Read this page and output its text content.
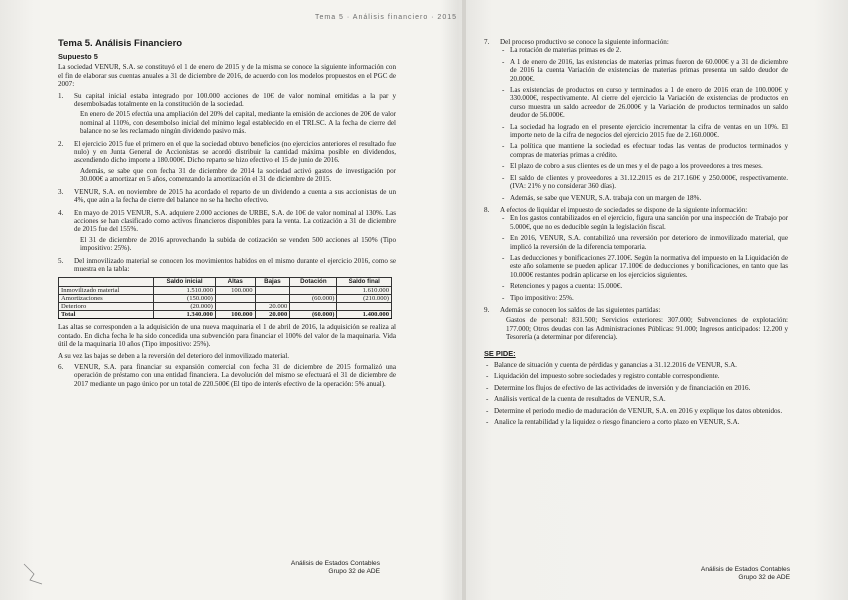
Tema 5 · Análisis financiero · 2015
Tema 5. Análisis Financiero
Supuesto 5

La sociedad VENUR, S.A. se constituyó el 1 de enero de 2015 y de la misma se conoce la siguiente información con el fin de elaborar sus cuentas anuales a 31 de diciembre de 2016, de acuerdo con los modelos propuestos en el PGC de 2007:

1.	Su capital inicial estaba integrado por 100.000 acciones de 10€ de valor nominal emitidas a la par y desembolsadas totalmente en la constitución de la sociedad.
En enero de 2015 efectúa una ampliación del 20% del capital, mediante la emisión de acciones de 20€ de valor nominal al 110%, con desembolso inicial del mínimo legal establecido en el TRLSC. A la fecha de cierre del balance no se les reclamado ningún dividendo pasivo más.
2.	El ejercicio 2015 fue el primero en el que la sociedad obtuvo beneficios (no ejercicios anteriores el resultado fue nulo) y en Junta General de Accionistas se acordó distribuir la cantidad máxima posible en dividendos, ascendiendo dicho importe a 180.000€. Dicho reparto se hizo efectivo el 15 de junio de 2016.
Además, se sabe que con fecha 31 de diciembre de 2014 la sociedad activó gastos de investigación por 30.000€ a amortizar en 5 años, comenzando la amortización el 31 de diciembre de 2015.
3.	VENUR, S.A. en noviembre de 2015 ha acordado el reparto de un dividendo a cuenta a sus accionistas de un 4%, que aún a la fecha de cierre del balance no se ha hecho efectivo.
4.	En mayo de 2015 VENUR, S.A. adquiere 2.000 acciones de URBE, S.A. de 10€ de valor nominal al 130%. Las acciones se han clasificado como activos financieros disponibles para la venta. La cotización a 31 de diciembre de 2015 fue del 155%.
El 31 de diciembre de 2016 aprovechando la subida de cotización se venden 500 acciones al 150% (Tipo impositivo: 25%).
5.	Del inmovilizado material se conocen los movimientos habidos en el mismo durante el ejercicio 2016, como se muestra en la tabla:
	Saldo inicial	Altas	Bajas	Dotación	Saldo final
Inmovilizado material	1.510.000	100.000			1.610.000
Amortizaciones	(150.000)			(60.000)	(210.000)
Deterioro	(20.000)		20.000		
Total	1.340.000	100.000	20.000	(60.000)	1.400.000

Las altas se corresponden a la adquisición de una nueva maquinaria el 1 de abril de 2016, la adquisición se realiza al contado. En dicha fecha le ha sido concedida una subvención para financiar el 100% del valor de la maquinaria. Vida útil de la maquinaria 10 años (Tipo impositivo: 25%).

A su vez las bajas se deben a la reversión del deterioro del inmovilizado material.

6.	VENUR, S.A. para financiar su expansión comercial con fecha 31 de diciembre de 2015 formalizó una operación de préstamo con una entidad financiera. La devolución del mismo se efectuará el 31 de diciembre de 2017 mediante un pago único por un total de 220.500€ (El tipo de interés efectivo de la operación: 5% anual).
Análisis de Estados Contables
Grupo 32 de ADE
7.	Del proceso productivo se conoce la siguiente información:
- La rotación de materias primas es de 2.
- A 1 de enero de 2016, las existencias de materias primas fueron de 60.000€ y a 31 de diciembre de 2016 la cuenta Variación de existencias de materias primas presenta un saldo deudor de 20.000€.
- Las existencias de productos en curso y terminados a 1 de enero de 2016 eran de 100.000€ y 330.000€, respectivamente. Al cierre del ejercicio la Variación de existencias de productos en curso muestra un saldo acreedor de 26.000€ y la Variación de productos terminados un saldo deudor de 56.000€.
- La sociedad ha logrado en el presente ejercicio incrementar la cifra de ventas en un 10%. El importe neto de la cifra de negocios del ejercicio 2015 fue de 2.160.000€.
- La política que mantiene la sociedad es efectuar todas las ventas de productos terminados y compras de materias primas a crédito.
- El plazo de cobro a sus clientes es de un mes y el de pago a los proveedores a tres meses.
- El saldo de clientes y proveedores a 31.12.2015 es de 217.160€ y 250.000€, respectivamente. (IVA: 21% y no considerar 360 días).
- Además, se sabe que VENUR, S.A. trabaja con un margen de 18%.
8.	A efectos de liquidar el impuesto de sociedades se dispone de la siguiente información:
- En los gastos contabilizados en el ejercicio, figura una sanción por una inspección de Trabajo por 5.000€, que no es deducible según la legislación fiscal.
- En 2016, VENUR, S.A. contabilizó una reversión por deterioro de inmovilizado material, que implicó la reversión de la diferencia temporaria.
- Las deducciones y bonificaciones 27.100€. Según la normativa del impuesto en la Liquidación de este año solamente se pueden aplicar 17.100€ de deducciones y bonificaciones, en tanto que las 10.000€ restantes podrán aplicarse en los ejercicios siguientes.
- Retenciones y pagos a cuenta: 15.000€.
- Tipo impositivo: 25%.
9.	Además se conocen los saldos de las siguientes partidas:
Gastos de personal: 831.500; Servicios exteriores: 307.000; Subvenciones de explotación: 177.000; Otros deudas con las Administraciones Públicas: 91.000; Ingresos anticipados: 12.200 y Tesorería (a determinar por diferencia).
SE PIDE:
- Balance de situación y cuenta de pérdidas y ganancias a 31.12.2016 de VENUR, S.A.
- Liquidación del impuesto sobre sociedades y registro contable correspondiente.
- Determine los flujos de efectivo de las actividades de inversión y de financiación en 2016.
- Análisis vertical de la cuenta de resultados de VENUR, S.A.
- Determine el periodo medio de maduración de VENUR, S.A. en 2016 y explique los datos obtenidos.
- Analice la rentabilidad y la liquidez o riesgo financiero a corto plazo en VENUR, S.A.
Análisis de Estados Contables
Grupo 32 de ADE
